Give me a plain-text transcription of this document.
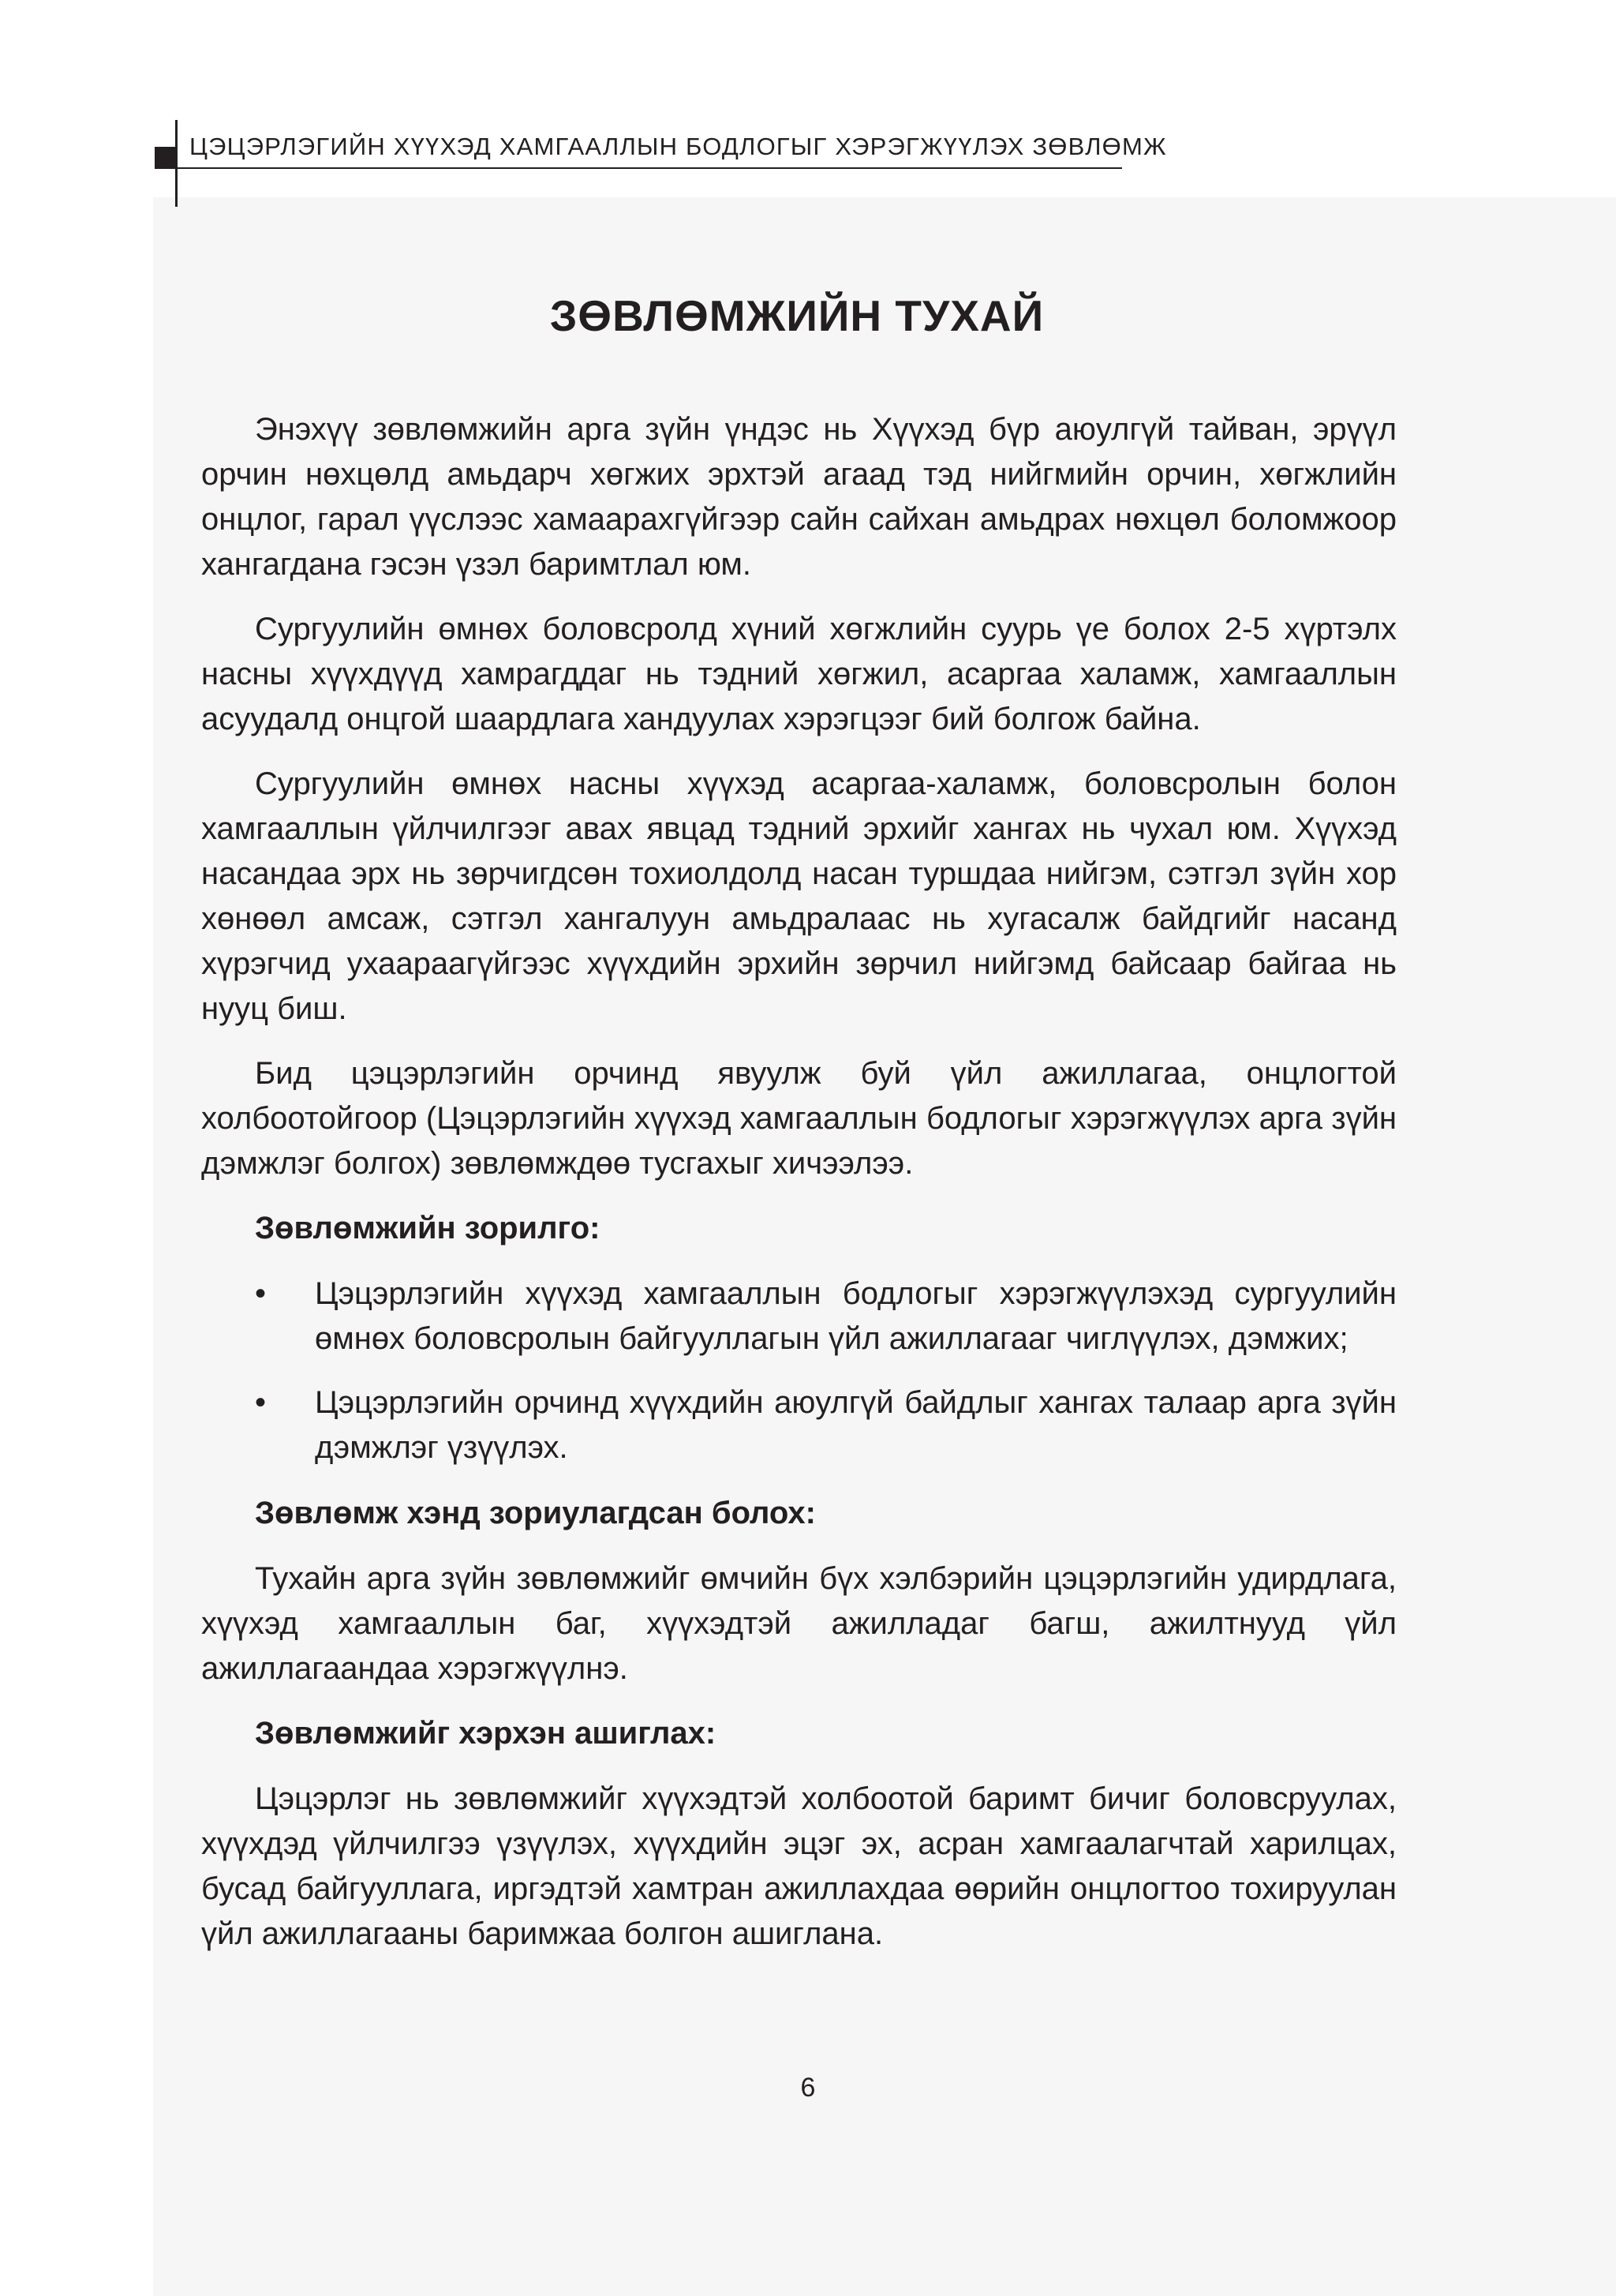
ЦЭЦЭРЛЭГИЙН ХҮҮХЭД ХАМГААЛЛЫН БОДЛОГЫГ ХЭРЭГЖҮҮЛЭХ ЗӨВЛӨМЖ
ЗӨВЛӨМЖИЙН ТУХАЙ

Энэхүү зөвлөмжийн арга зүйн үндэс нь Хүүхэд бүр аюулгүй тайван, эрүүл орчин нөхцөлд амьдарч хөгжих эрхтэй агаад тэд нийгмийн орчин, хөгжлийн онцлог, гарал үүслээс хамаарахгүйгээр сайн сайхан амьдрах нөхцөл боломжоор хангагдана гэсэн үзэл баримтлал юм.

Сургуулийн өмнөх боловсролд хүний хөгжлийн суурь үе болох 2-5 хүртэлх насны хүүхдүүд хамрагддаг нь тэдний хөгжил, асаргаа халамж, хамгааллын асуудалд онцгой шаардлага хандуулах хэрэгцээг бий болгож байна.

Сургуулийн өмнөх насны хүүхэд асаргаа-халамж, боловсролын болон хамгааллын үйлчилгээг авах явцад тэдний эрхийг хангах нь чухал юм. Хүүхэд насандаа эрх нь зөрчигдсөн тохиолдолд насан туршдаа нийгэм, сэтгэл зүйн хор хөнөөл амсаж, сэтгэл хангалуун амьдралаас нь хугасалж байдгийг насанд хүрэгчид ухаараагүйгээс хүүхдийн эрхийн зөрчил нийгэмд байсаар байгаа нь нууц биш.

Бид цэцэрлэгийн орчинд явуулж буй үйл ажиллагаа, онцлогтой холбоотойгоор (Цэцэрлэгийн хүүхэд хамгааллын бодлогыг хэрэгжүүлэх арга зүйн дэмжлэг болгох) зөвлөмждөө тусгахыг хичээлээ.

Зөвлөмжийн зорилго:
• Цэцэрлэгийн хүүхэд хамгааллын бодлогыг хэрэгжүүлэхэд сургуулийн өмнөх боловсролын байгууллагын үйл ажиллагааг чиглүүлэх, дэмжих;
• Цэцэрлэгийн орчинд хүүхдийн аюулгүй байдлыг хангах талаар арга зүйн дэмжлэг үзүүлэх.
Зөвлөмж хэнд зориулагдсан болох:

Тухайн арга зүйн зөвлөмжийг өмчийн бүх хэлбэрийн цэцэрлэгийн удирдлага, хүүхэд хамгааллын баг, хүүхэдтэй ажилладаг багш, ажилтнууд үйл ажиллагаандаа хэрэгжүүлнэ.

Зөвлөмжийг хэрхэн ашиглах:

Цэцэрлэг нь зөвлөмжийг хүүхэдтэй холбоотой баримт бичиг боловсруулах, хүүхдэд үйлчилгээ үзүүлэх, хүүхдийн эцэг эх, асран хамгаалагчтай харилцах, бусад байгууллага, иргэдтэй хамтран ажиллахдаа өөрийн онцлогтоо тохируулан үйл ажиллагааны баримжаа болгон ашиглана.

6
